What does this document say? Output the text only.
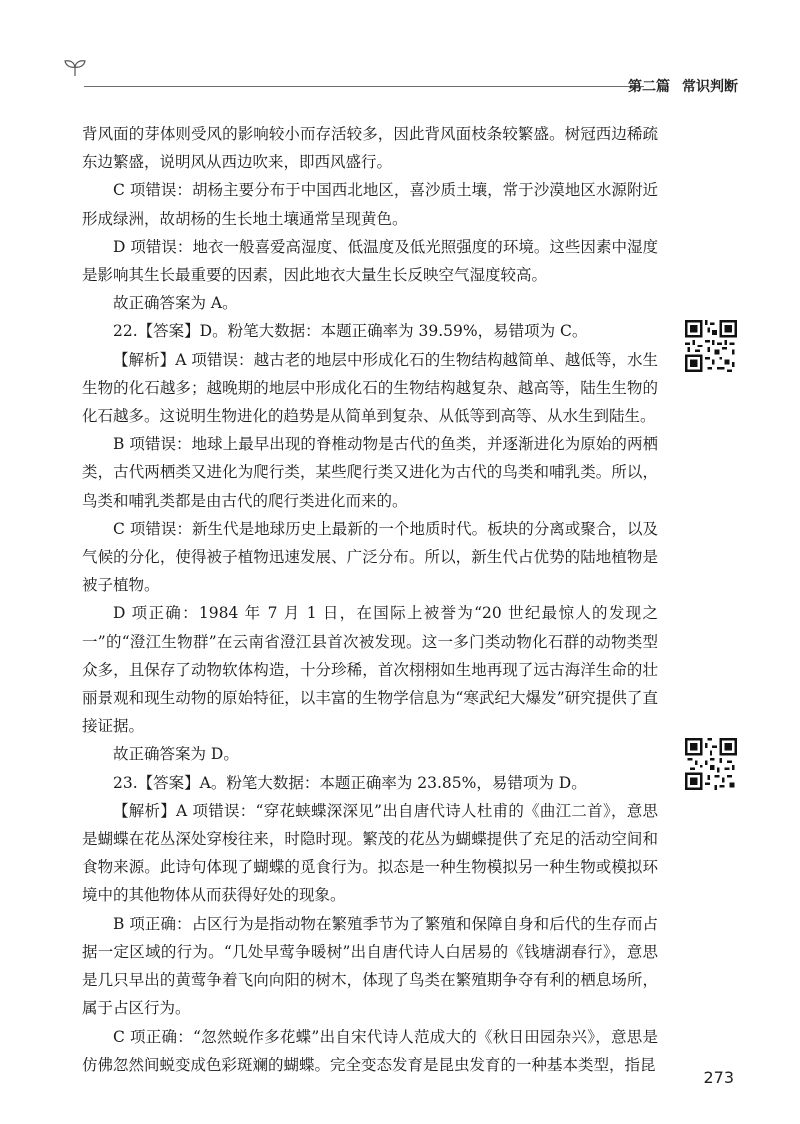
第二篇 常识判断

背风面的芽体则受风的影响较小而存活较多，因此背风面枝条较繁盛。树冠西边稀疏东边繁盛，说明风从西边吹来，即西风盛行。

C 项错误：胡杨主要分布于中国西北地区，喜沙质土壤，常于沙漠地区水源附近形成绿洲，故胡杨的生长地土壤通常呈现黄色。

D 项错误：地衣一般喜爱高湿度、低温度及低光照强度的环境。这些因素中湿度是影响其生长最重要的因素，因此地衣大量生长反映空气湿度较高。

故正确答案为 A。

22.【答案】D。粉笔大数据：本题正确率为 39.59%，易错项为 C。

【解析】A 项错误：越古老的地层中形成化石的生物结构越简单、越低等，水生生物的化石越多；越晚期的地层中形成化石的生物结构越复杂、越高等，陆生生物的化石越多。这说明生物进化的趋势是从简单到复杂、从低等到高等、从水生到陆生。

B 项错误：地球上最早出现的脊椎动物是古代的鱼类，并逐渐进化为原始的两栖类，古代两栖类又进化为爬行类，某些爬行类又进化为古代的鸟类和哺乳类。所以，鸟类和哺乳类都是由古代的爬行类进化而来的。

C 项错误：新生代是地球历史上最新的一个地质时代。板块的分离或聚合，以及气候的分化，使得被子植物迅速发展、广泛分布。所以，新生代占优势的陆地植物是被子植物。

D 项正确：1984 年 7 月 1 日，在国际上被誉为“20 世纪最惊人的发现之一”的“澄江生物群”在云南省澄江县首次被发现。这一多门类动物化石群的动物类型众多，且保存了动物软体构造，十分珍稀，首次栩栩如生地再现了远古海洋生命的壮丽景观和现生动物的原始特征，以丰富的生物学信息为“寒武纪大爆发”研究提供了直接证据。

故正确答案为 D。

23.【答案】A。粉笔大数据：本题正确率为 23.85%，易错项为 D。

【解析】A 项错误：“穿花蛱蝶深深见”出自唐代诗人杜甫的《曲江二首》，意思是蝴蝶在花丛深处穿梭往来，时隐时现。繁茂的花丛为蝴蝶提供了充足的活动空间和食物来源。此诗句体现了蝴蝶的觅食行为。拟态是一种生物模拟另一种生物或模拟环境中的其他物体从而获得好处的现象。

B 项正确：占区行为是指动物在繁殖季节为了繁殖和保障自身和后代的生存而占据一定区域的行为。“几处早莺争暖树”出自唐代诗人白居易的《钱塘湖春行》，意思是几只早出的黄莺争着飞向向阳的树木，体现了鸟类在繁殖期争夺有利的栖息场所，属于占区行为。

C 项正确：“忽然蜕作多花蝶”出自宋代诗人范成大的《秋日田园杂兴》，意思是仿佛忽然间蜕变成色彩斑斓的蝴蝶。完全变态发育是昆虫发育的一种基本类型，指昆

273
